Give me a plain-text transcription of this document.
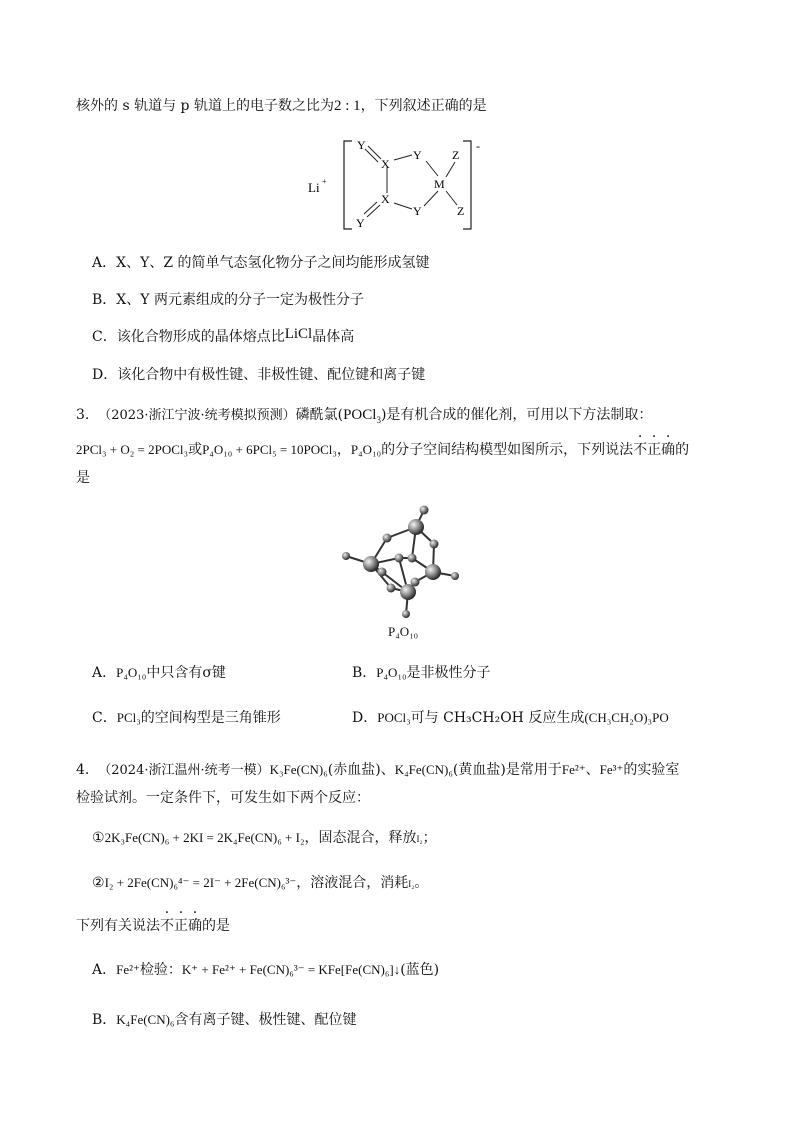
核外的 s 轨道与 p 轨道上的电子数之比为2 : 1，下列叙述正确的是
Li +
-
Y
X
Y
M
Z
X
Y	Z
Y
A．X、Y、Z 的简单气态氢化物分子之间均能形成氢键
B．X、Y 两元素组成的分子一定为极性分子
C．该化合物形成的晶体熔点比LiCl晶体高
D．该化合物中有极性键、非极性键、配位键和离子键
3. （2023·浙江宁波·统考模拟预测）磷酰氯(POCl$_3$)是有机合成的催化剂，可用以下方法制取：
2PCl₃ + O₂ = 2POCl₃或P₄O₁₀ + 6PCl₅ = 10POCl₃，P₄O₁₀的分子空间结构模型如图所示，下列说法不正确的
是
P₄O₁₀
A．P₄O₁₀中只含有σ键	B．P₄O₁₀是非极性分子
C．PCl₃的空间构型是三角锥形	D．POCl₃可与 CH₃CH₂OH 反应生成(CH₃CH₂O)₃PO
4. （2024·浙江温州·统考一模）K₃Fe(CN)₆(赤血盐)、K₄Fe(CN)₆(黄血盐)是常用于Fe²⁺、Fe³⁺的实验室
检验试剂。一定条件下，可发生如下两个反应：
①2K₃Fe(CN)₆ + 2KI = 2K₄Fe(CN)₆ + I₂，固态混合，释放I₂；
②I₂ + 2Fe(CN)₆⁴⁻ = 2I⁻ + 2Fe(CN)₆³⁻，溶液混合，消耗I₂。
下列有关说法不正确的是
A．Fe²⁺检验：K⁺ + Fe²⁺ + Fe(CN)₆³⁻ = KFe[Fe(CN)₆]↓(蓝色)
B．K₄Fe(CN)₆含有离子键、极性键、配位键
